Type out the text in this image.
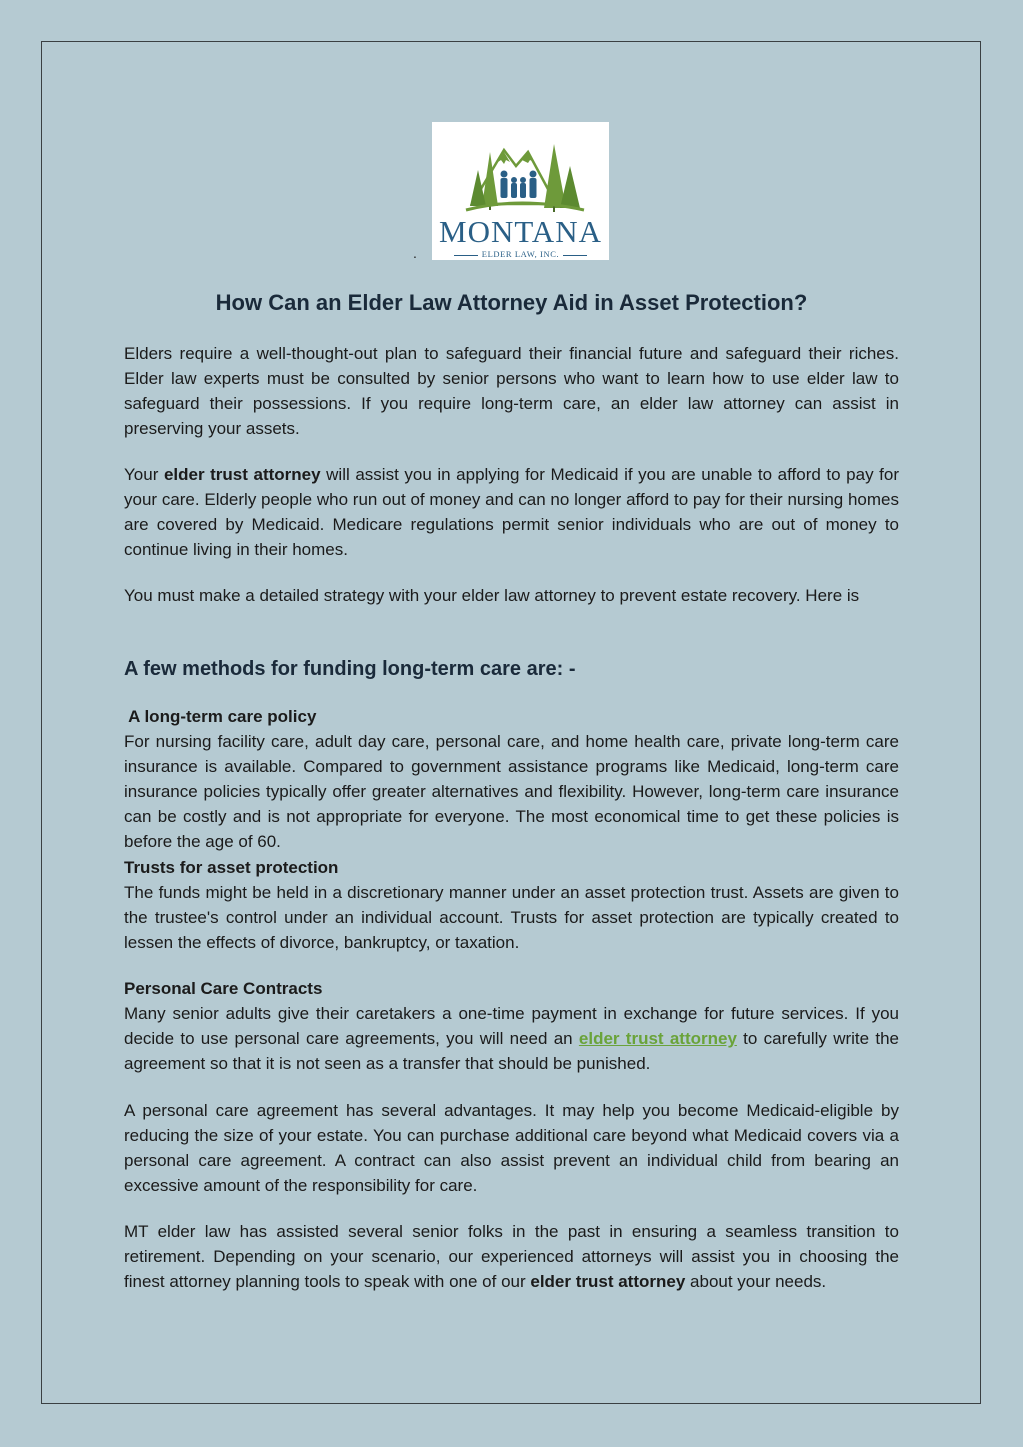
.
MONTANA
ELDER LAW, INC.
How Can an Elder Law Attorney Aid in Asset Protection?

Elders require a well-thought-out plan to safeguard their financial future and safeguard their riches. Elder law experts must be consulted by senior persons who want to learn how to use elder law to safeguard their possessions. If you require long-term care, an elder law attorney can assist in preserving your assets.

Your elder trust attorney will assist you in applying for Medicaid if you are unable to afford to pay for your care. Elderly people who run out of money and can no longer afford to pay for their nursing homes are covered by Medicaid. Medicare regulations permit senior individuals who are out of money to continue living in their homes.

You must make a detailed strategy with your elder law attorney to prevent estate recovery. Here is

A few methods for funding long-term care are: -
A long-term care policy

For nursing facility care, adult day care, personal care, and home health care, private long-term care insurance is available. Compared to government assistance programs like Medicaid, long-term care insurance policies typically offer greater alternatives and flexibility. However, long-term care insurance can be costly and is not appropriate for everyone. The most economical time to get these policies is before the age of 60.

Trusts for asset protection

The funds might be held in a discretionary manner under an asset protection trust. Assets are given to the trustee's control under an individual account. Trusts for asset protection are typically created to lessen the effects of divorce, bankruptcy, or taxation.

Personal Care Contracts

Many senior adults give their caretakers a one-time payment in exchange for future services. If you decide to use personal care agreements, you will need an elder trust attorney to carefully write the agreement so that it is not seen as a transfer that should be punished.

A personal care agreement has several advantages. It may help you become Medicaid-eligible by reducing the size of your estate. You can purchase additional care beyond what Medicaid covers via a personal care agreement. A contract can also assist prevent an individual child from bearing an excessive amount of the responsibility for care.

MT elder law has assisted several senior folks in the past in ensuring a seamless transition to retirement. Depending on your scenario, our experienced attorneys will assist you in choosing the finest attorney planning tools to speak with one of our elder trust attorney about your needs.
